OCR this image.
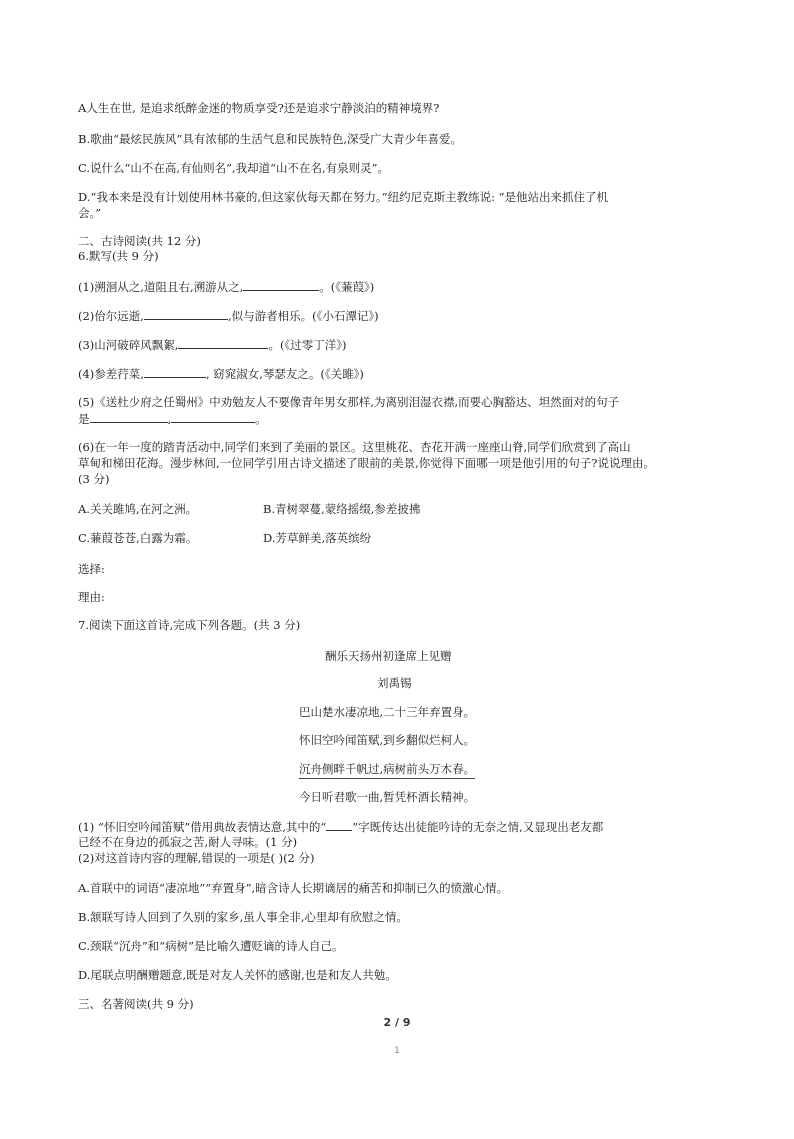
A人生在世, 是追求纸醉金迷的物质享受?还是追求宁静淡泊的精神境界?
B.歌曲“最炫民族风”具有浓郁的生活气息和民族特色,深受广大青少年喜爱。
C.说什么“山不在高,有仙则名”,我却道“山不在名,有泉则灵”。
D.“我本来是没有计划使用林书豪的,但这家伙每天都在努力。”纽约尼克斯主教练说: “是他站出来抓住了机
会。”
二、古诗阅读(共 12 分)
6.默写(共 9 分)
(1)溯洄从之,道阻且右,溯游从之,	。(《蒹葭》)
(2)佁尔远逝,	,似与游者相乐。(《小石潭记》)
(3)山河破碎风飘絮,	。(《过零丁洋》)
(4)参差荇菜,	, 窈窕淑女,琴瑟友之。(《关雎》)
(5)《送杜少府之任蜀州》中劝勉友人不要像青年男女那样,为离别泪湿衣襟,而要心胸豁达、坦然面对的句子
是	,	。
(6)在一年一度的踏青活动中,同学们来到了美丽的景区。这里桃花、杏花开满一座座山脊,同学们欣赏到了高山
草甸和梯田花海。漫步林间,一位同学引用古诗文描述了眼前的美景,你觉得下面哪一项是他引用的句子?说说理由。
(3 分)
A.关关雎鸠,在河之洲。	B.青树翠蔓,蒙络摇缀,参差披拂
C.蒹葭苍苍,白露为霜。	D.芳草鲜美,落英缤纷
选择:
理由:
7.阅读下面这首诗,完成下列各题。(共 3 分)
酬乐天扬州初逢席上见赠
刘禹锡
巴山楚水凄凉地,二十三年弃置身。
怀旧空吟闻笛赋,到乡翻似烂柯人。
沉舟侧畔千帆过,病树前头万木春。
今日听君歌一曲,暂凭杯酒长精神。
(1) “怀旧空吟闻笛赋”借用典故表情达意,其中的“ ”字既传达出徒能吟诗的无奈之情,又显现出老友都
已经不在身边的孤寂之苦,耐人寻味。(1 分)
(2)对这首诗内容的理解,错误的一项是( )(2 分)
A.首联中的词语“凄凉地”“弃置身”,暗含诗人长期谪居的痛苦和抑制已久的愤激心情。
B.颔联写诗人回到了久别的家乡,虽人事全非,心里却有欣慰之情。
C.颈联“沉舟”和“病树”是比喻久遭贬谪的诗人自己。
D.尾联点明酬赠题意,既是对友人关怀的感谢,也是和友人共勉。
三、名著阅读(共 9 分)
2 / 9
1
